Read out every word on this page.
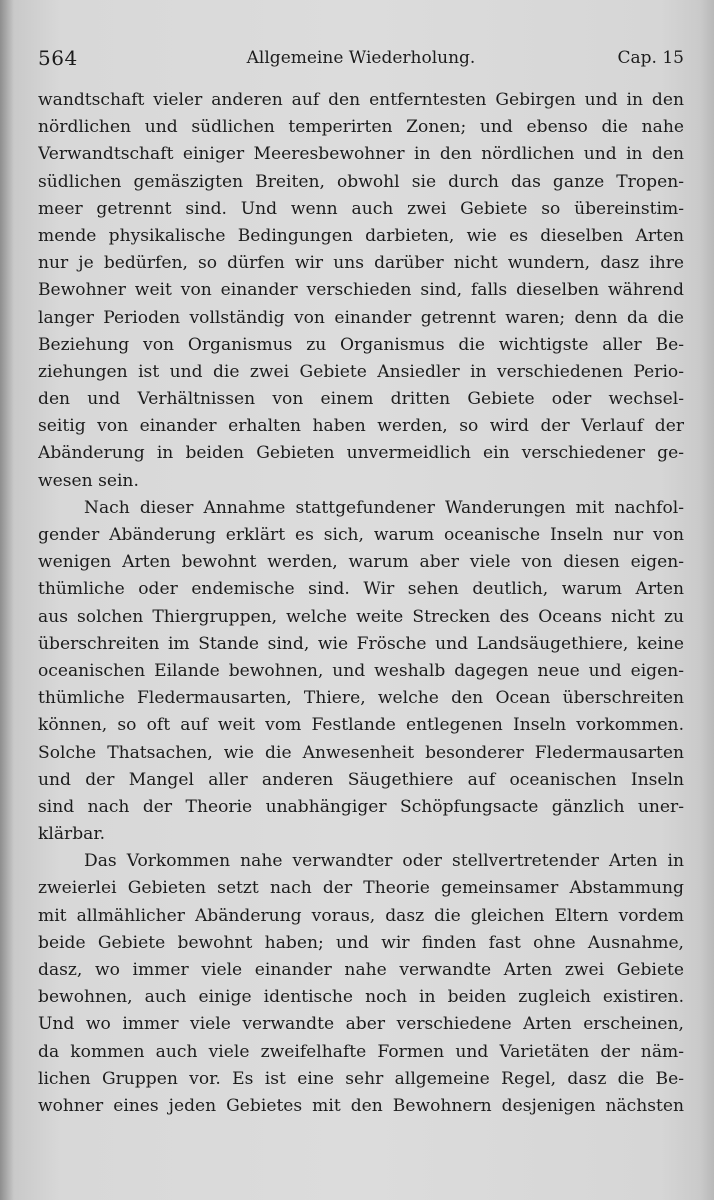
564	Allgemeine Wiederholung.	Cap. 15
wandtschaft vieler anderen auf den entferntesten Gebirgen und in den
nördlichen und südlichen temperirten Zonen; und ebenso die nahe
Verwandtschaft einiger Meeresbewohner in den nördlichen und in den
südlichen gemäszigten Breiten, obwohl sie durch das ganze Tropen-
meer getrennt sind. Und wenn auch zwei Gebiete so übereinstim-
mende physikalische Bedingungen darbieten, wie es dieselben Arten
nur je bedürfen, so dürfen wir uns darüber nicht wundern, dasz ihre
Bewohner weit von einander verschieden sind, falls dieselben während
langer Perioden vollständig von einander getrennt waren; denn da die
Beziehung von Organismus zu Organismus die wichtigste aller Be-
ziehungen ist und die zwei Gebiete Ansiedler in verschiedenen Perio-
den und Verhältnissen von einem dritten Gebiete oder wechsel-
seitig von einander erhalten haben werden, so wird der Verlauf der
Abänderung in beiden Gebieten unvermeidlich ein verschiedener ge-
wesen sein.
Nach dieser Annahme stattgefundener Wanderungen mit nachfol-
gender Abänderung erklärt es sich, warum oceanische Inseln nur von
wenigen Arten bewohnt werden, warum aber viele von diesen eigen-
thümliche oder endemische sind. Wir sehen deutlich, warum Arten
aus solchen Thiergruppen, welche weite Strecken des Oceans nicht zu
überschreiten im Stande sind, wie Frösche und Landsäugethiere, keine
oceanischen Eilande bewohnen, und weshalb dagegen neue und eigen-
thümliche Fledermausarten, Thiere, welche den Ocean überschreiten
können, so oft auf weit vom Festlande entlegenen Inseln vorkommen.
Solche Thatsachen, wie die Anwesenheit besonderer Fledermausarten
und der Mangel aller anderen Säugethiere auf oceanischen Inseln
sind nach der Theorie unabhängiger Schöpfungsacte gänzlich uner-
klärbar.
Das Vorkommen nahe verwandter oder stellvertretender Arten in
zweierlei Gebieten setzt nach der Theorie gemeinsamer Abstammung
mit allmählicher Abänderung voraus, dasz die gleichen Eltern vordem
beide Gebiete bewohnt haben; und wir finden fast ohne Ausnahme,
dasz, wo immer viele einander nahe verwandte Arten zwei Gebiete
bewohnen, auch einige identische noch in beiden zugleich existiren.
Und wo immer viele verwandte aber verschiedene Arten erscheinen,
da kommen auch viele zweifelhafte Formen und Varietäten der näm-
lichen Gruppen vor. Es ist eine sehr allgemeine Regel, dasz die Be-
wohner eines jeden Gebietes mit den Bewohnern desjenigen nächsten
